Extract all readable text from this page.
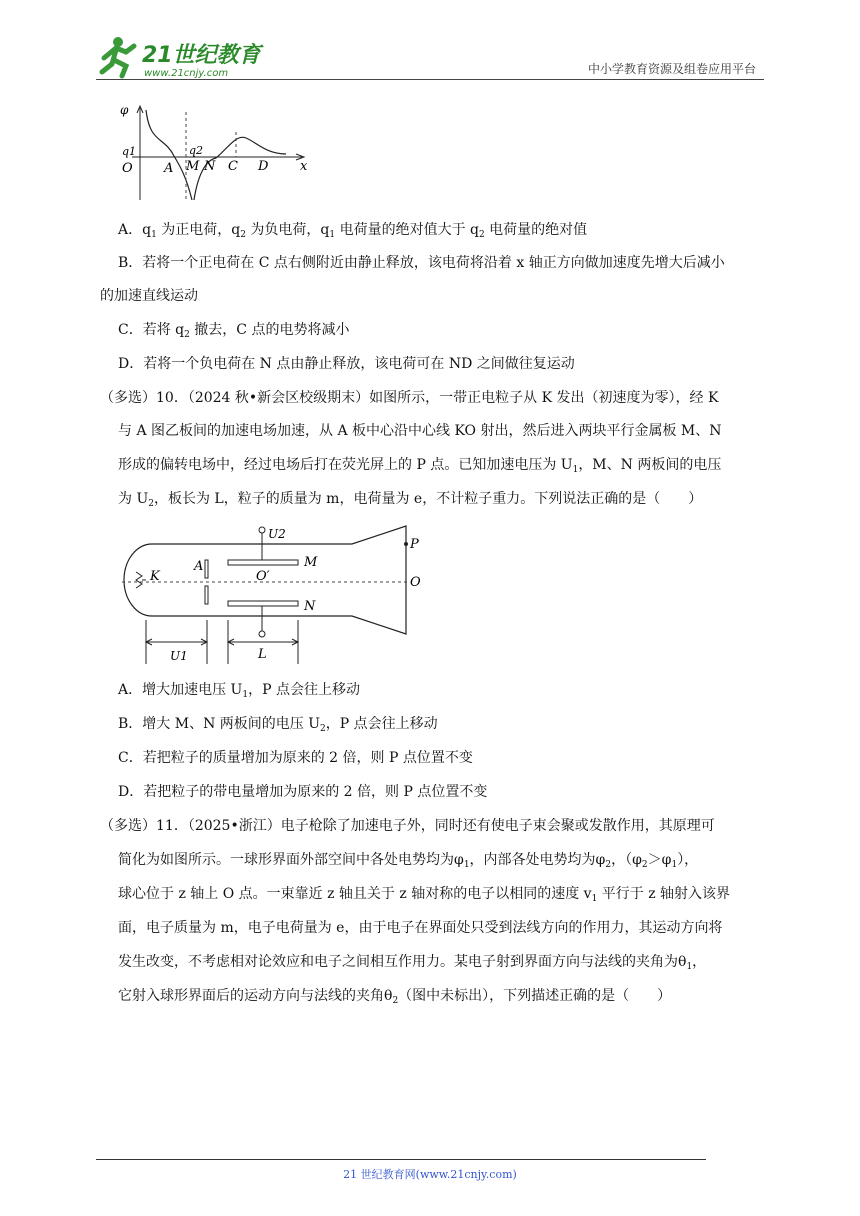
21世纪教育
www.21cnjy.com	中小学教育资源及组卷应用平台
φ
q1
O A
q2
M N C D x
A．$q_1$ 为正电荷，$q_2$ 为负电荷，$q_1$ 电荷量的绝对值大于 $q_2$ 电荷量的绝对值
B．若将一个正电荷在 C 点右侧附近由静止释放，该电荷将沿着 x 轴正方向做加速度先增大后减小
的加速直线运动
C．若将 $q_2$ 撤去，C 点的电势将减小
D．若将一个负电荷在 N 点由静止释放，该电荷可在 ND 之间做往复运动
（多选）10．（2024 秋•新会区校级期末）如图所示，一带正电粒子从 K 发出（初速度为零），经 K
与 A 图乙板间的加速电场加速，从 A 板中心沿中心线 KO 射出，然后进入两块平行金属板 M、N
形成的偏转电场中，经过电场后打在荧光屏上的 P 点。已知加速电压为 $U_1$，M、N 两板间的电压
为 $U_2$，板长为 L，粒子的质量为 m，电荷量为 e，不计粒子重力。下列说法正确的是（　　）
U2
M
N
A
K	O′	O
P
U1	L
A．增大加速电压 $U_1$，P 点会往上移动
B．增大 M、N 两板间的电压 $U_2$，P 点会往上移动
C．若把粒子的质量增加为原来的 2 倍，则 P 点位置不变
D．若把粒子的带电量增加为原来的 2 倍，则 P 点位置不变
（多选）11．（2025•浙江）电子枪除了加速电子外，同时还有使电子束会聚或发散作用，其原理可
简化为如图所示。一球形界面外部空间中各处电势均为$\varphi_1$，内部各处电势均为$\varphi_2$，$(\varphi_2>\varphi_1)$，
球心位于 z 轴上 O 点。一束靠近 z 轴且关于 z 轴对称的电子以相同的速度 $v_1$ 平行于 z 轴射入该界
面，电子质量为 m，电子电荷量为 e，由于电子在界面处只受到法线方向的作用力，其运动方向将
发生改变，不考虑相对论效应和电子之间相互作用力。某电子射到界面方向与法线的夹角为$\theta_1$，
它射入球形界面后的运动方向与法线的夹角$\theta_2$（图中未标出），下列描述正确的是（　　）
21 世纪教育网(www.21cnjy.com)
